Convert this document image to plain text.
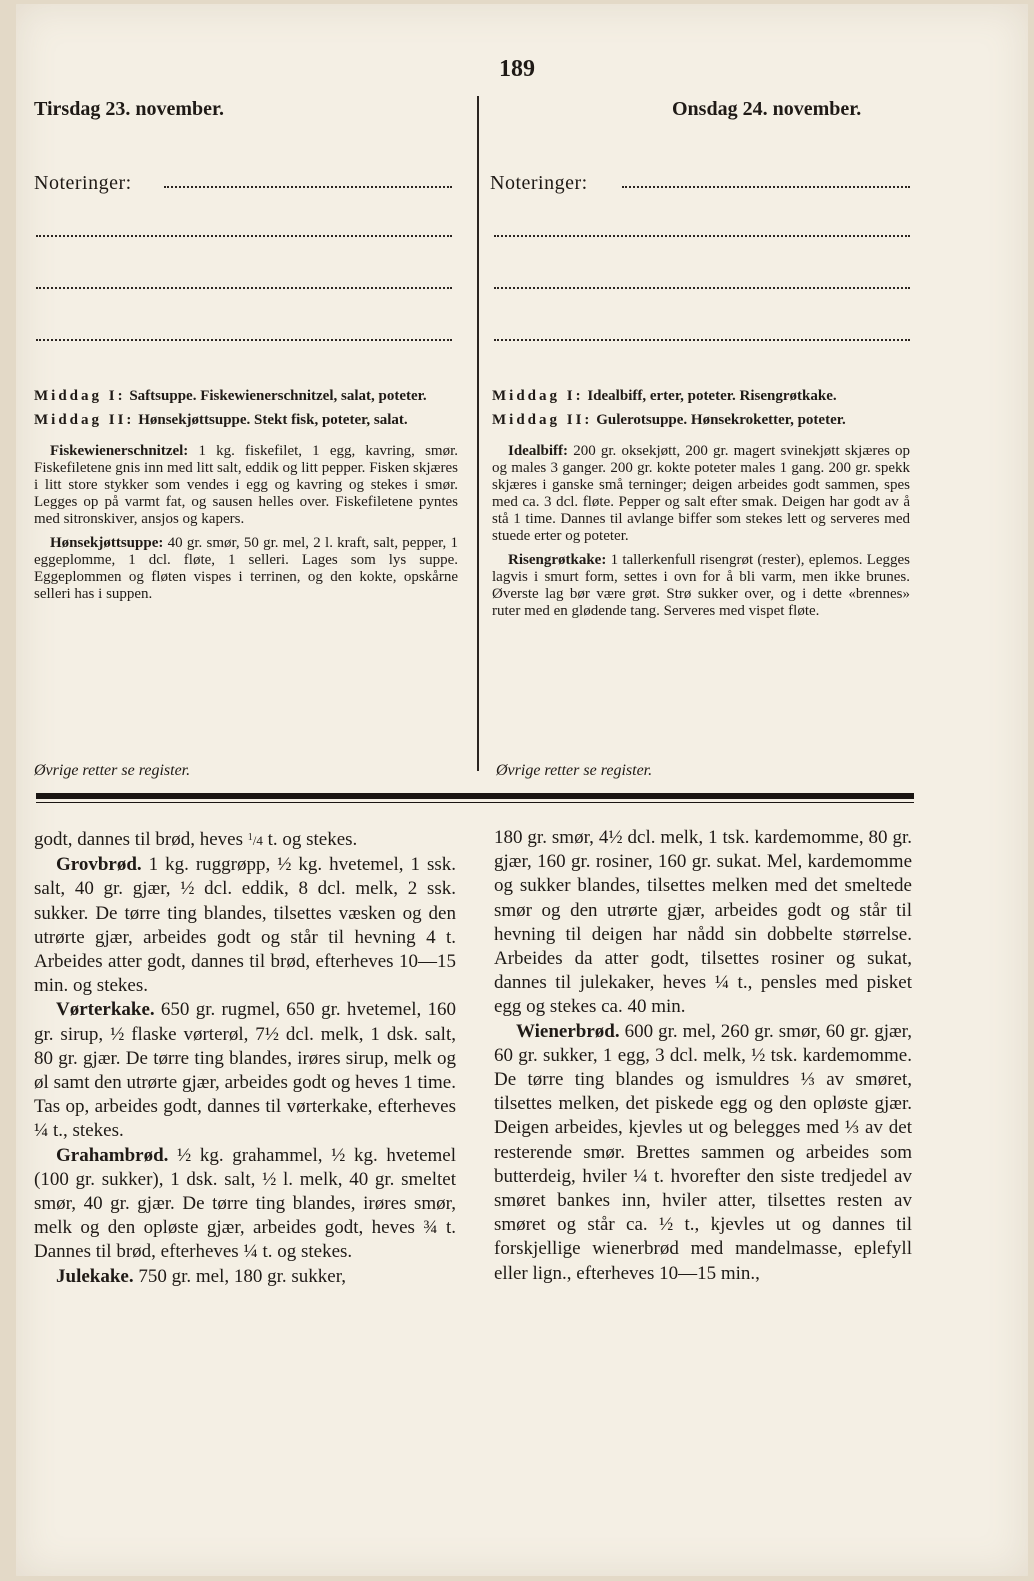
189
Tirsdag 23. november.	Onsdag 24. november.
Noteringer:	Noteringer:

Middag I: Saftsuppe. Fiskewienerschnitzel, salat, poteter.

Middag II: Hønsekjøttsuppe. Stekt fisk, poteter, salat.

Fiskewienerschnitzel: 1 kg. fiskefilet, 1 egg, kavring, smør. Fiskefiletene gnis inn med litt salt, eddik og litt pepper. Fisken skjæres i litt store stykker som vendes i egg og kavring og stekes i smør. Legges op på varmt fat, og sausen helles over. Fiskefiletene pyntes med sitronskiver, ansjos og kapers.

Hønsekjøttsuppe: 40 gr. smør, 50 gr. mel, 2 l. kraft, salt, pepper, 1 eggeplomme, 1 dcl. fløte, 1 selleri. Lages som lys suppe. Eggeplommen og fløten vispes i terrinen, og den kokte, opskårne selleri has i suppen.

Øvrige retter se register.

Middag I: Idealbiff, erter, poteter. Risengrøtkake.

Middag II: Gulerotsuppe. Hønsekroketter, poteter.

Idealbiff: 200 gr. oksekjøtt, 200 gr. magert svinekjøtt skjæres op og males 3 ganger. 200 gr. kokte poteter males 1 gang. 200 gr. spekk skjæres i ganske små terninger; deigen arbeides godt sammen, spes med ca. 3 dcl. fløte. Pepper og salt efter smak. Deigen har godt av å stå 1 time. Dannes til avlange biffer som stekes lett og serveres med stuede erter og poteter.

Risengrøtkake: 1 tallerkenfull risengrøt (rester), eplemos. Legges lagvis i smurt form, settes i ovn for å bli varm, men ikke brunes. Øverste lag bør være grøt. Strø sukker over, og i dette «brennes» ruter med en glødende tang. Serveres med vispet fløte.

Øvrige retter se register.

godt, dannes til brød, heves $^1$/4 t. og stekes.

Grovbrød. 1 kg. ruggrøpp, ½ kg. hvetemel, 1 ssk. salt, 40 gr. gjær, ½ dcl. eddik, 8 dcl. melk, 2 ssk. sukker. De tørre ting blandes, tilsettes væsken og den utrørte gjær, arbeides godt og står til hevning 4 t. Arbeides atter godt, dannes til brød, efterheves 10—15 min. og stekes.

Vørterkake. 650 gr. rugmel, 650 gr. hvetemel, 160 gr. sirup, ½ flaske vørterøl, 7½ dcl. melk, 1 dsk. salt, 80 gr. gjær. De tørre ting blandes, irøres sirup, melk og øl samt den utrørte gjær, arbeides godt og heves 1 time. Tas op, arbeides godt, dannes til vørterkake, efterheves ¼ t., stekes.

Grahambrød. ½ kg. grahammel, ½ kg. hvetemel (100 gr. sukker), 1 dsk. salt, ½ l. melk, 40 gr. smeltet smør, 40 gr. gjær. De tørre ting blandes, irøres smør, melk og den opløste gjær, arbeides godt, heves ¾ t. Dannes til brød, efterheves ¼ t. og stekes.

Julekake. 750 gr. mel, 180 gr. sukker,

180 gr. smør, 4½ dcl. melk, 1 tsk. kardemomme, 80 gr. gjær, 160 gr. rosiner, 160 gr. sukat. Mel, kardemomme og sukker blandes, tilsettes melken med det smeltede smør og den utrørte gjær, arbeides godt og står til hevning til deigen har nådd sin dobbelte størrelse. Arbeides da atter godt, tilsettes rosiner og sukat, dannes til julekaker, heves ¼ t., pensles med pisket egg og stekes ca. 40 min.

Wienerbrød. 600 gr. mel, 260 gr. smør, 60 gr. gjær, 60 gr. sukker, 1 egg, 3 dcl. melk, ½ tsk. kardemomme. De tørre ting blandes og ismuldres ⅓ av smøret, tilsettes melken, det piskede egg og den opløste gjær. Deigen arbeides, kjevles ut og belegges med ⅓ av det resterende smør. Brettes sammen og arbeides som butterdeig, hviler ¼ t. hvorefter den siste tredjedel av smøret bankes inn, hviler atter, tilsettes resten av smøret og står ca. ½ t., kjevles ut og dannes til forskjellige wienerbrød med mandelmasse, eplefyll eller lign., efterheves 10—15 min.,
